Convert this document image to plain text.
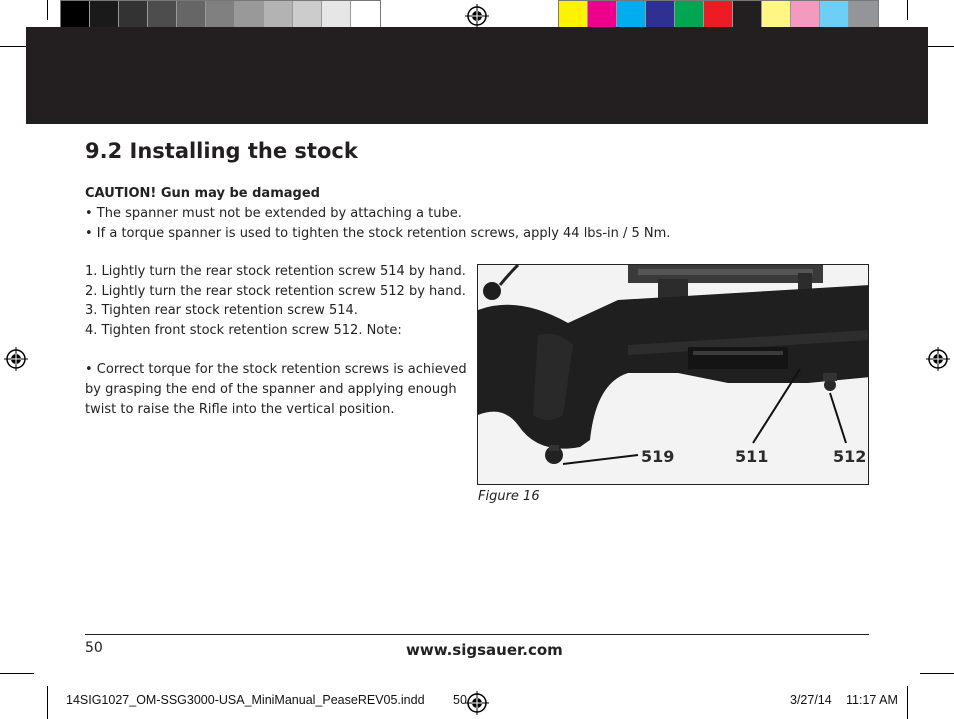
9.2 Installing the stock
CAUTION! Gun may be damaged
• The spanner must not be extended by attaching a tube.
• If a torque spanner is used to tighten the stock retention screws, apply 44 lbs-in / 5 Nm.
1. Lightly turn the rear stock retention screw 514 by hand.
2. Lightly turn the rear stock retention screw 512 by hand.
3. Tighten rear stock retention screw 514.
4. Tighten front stock retention screw 512. Note:
• Correct torque for the stock retention screws is achieved
by grasping the end of the spanner and applying enough
twist to raise the Rifle into the vertical position.
519	511	512
Figure 16
50	www.sigsauer.com
14SIG1027_OM-SSG3000-USA_MiniManual_PeaseREV05.indd 50	3/27/14 11:17 AM
